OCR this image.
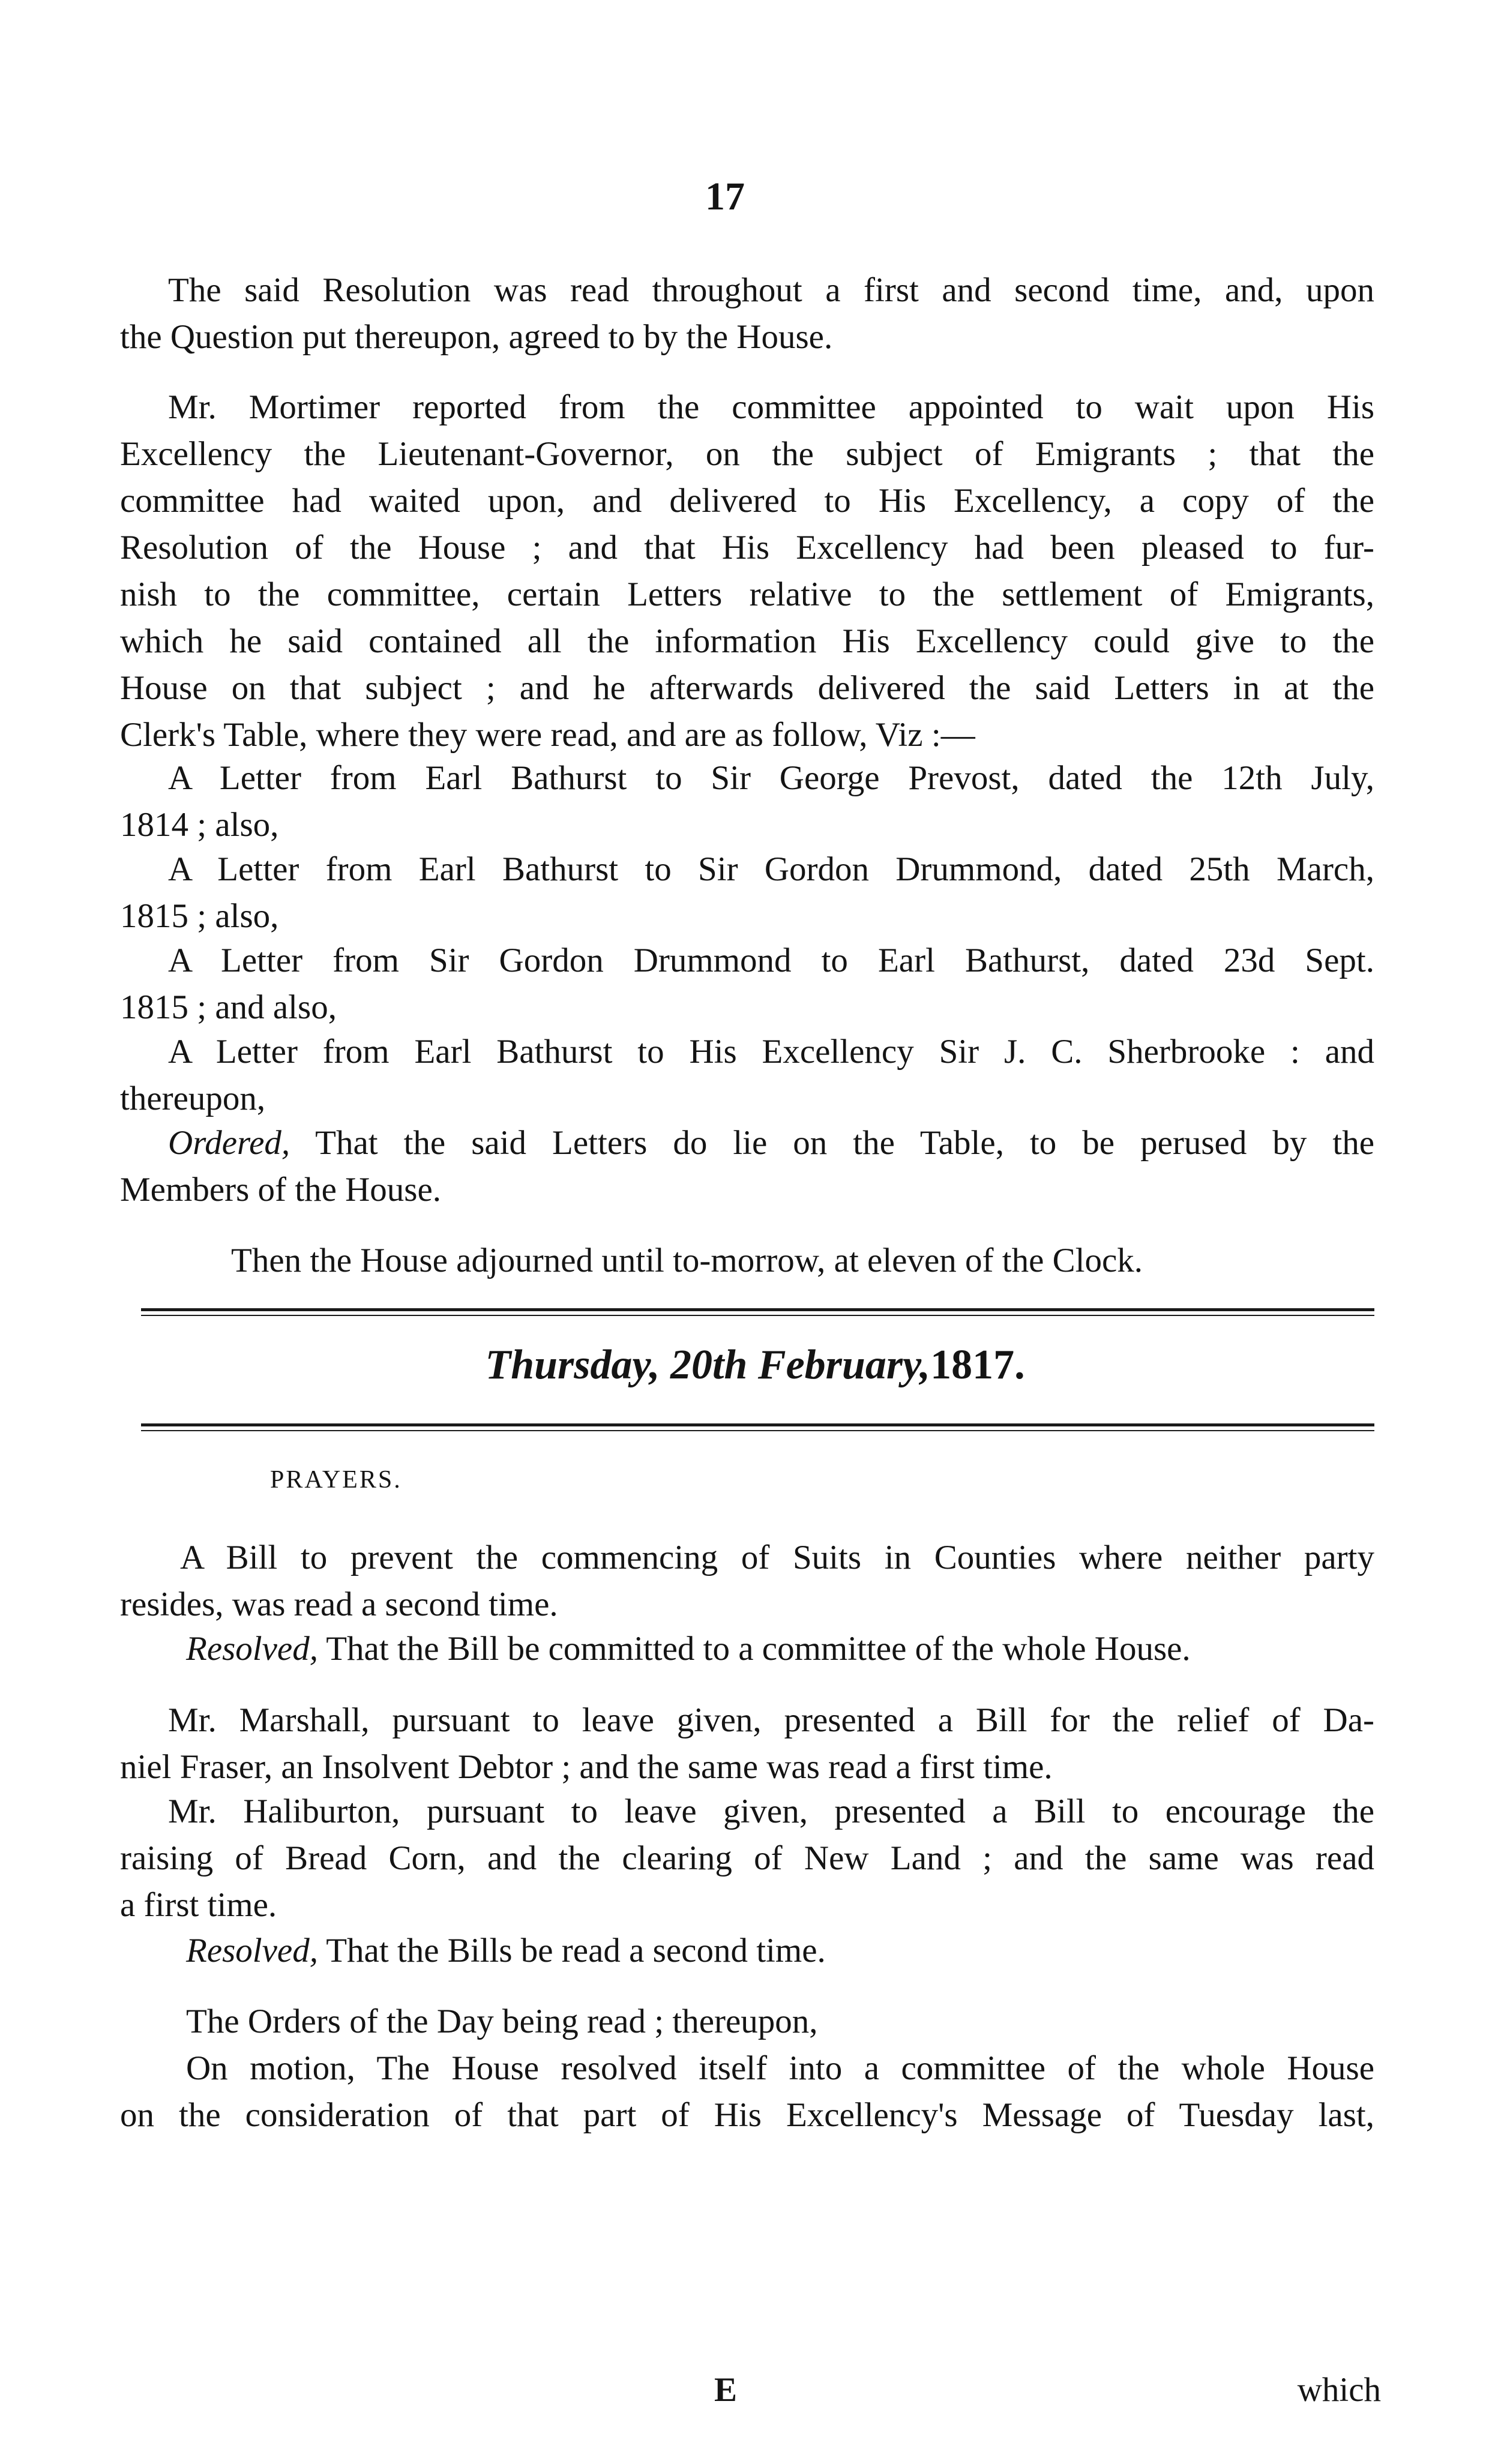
17
The said Resolution was read throughout a first and second time, and, upon
the Question put thereupon, agreed to by the House.
Mr. Mortimer reported from the committee appointed to wait upon His
Excellency the Lieutenant-Governor, on the subject of Emigrants ; that the
committee had waited upon, and delivered to His Excellency, a copy of the
Resolution of the House ; and that His Excellency had been pleased to fur-
nish to the committee, certain Letters relative to the settlement of Emigrants,
which he said contained all the information His Excellency could give to the
House on that subject ; and he afterwards delivered the said Letters in at the
Clerk's Table, where they were read, and are as follow, Viz :—
A Letter from Earl Bathurst to Sir George Prevost, dated the 12th July,
1814 ; also,
A Letter from Earl Bathurst to Sir Gordon Drummond, dated 25th March,
1815 ; also,
A Letter from Sir Gordon Drummond to Earl Bathurst, dated 23d Sept.
1815 ; and also,
A Letter from Earl Bathurst to His Excellency Sir J. C. Sherbrooke : and
thereupon,
Ordered, That the said Letters do lie on the Table, to be perused by the
Members of the House.
Then the House adjourned until to-morrow, at eleven of the Clock.
Thursday, 20th February,1817.
PRAYERS.
A Bill to prevent the commencing of Suits in Counties where neither party
resides, was read a second time.
Resolved, That the Bill be committed to a committee of the whole House.
Mr. Marshall, pursuant to leave given, presented a Bill for the relief of Da-
niel Fraser, an Insolvent Debtor ; and the same was read a first time.
Mr. Haliburton, pursuant to leave given, presented a Bill to encourage the
raising of Bread Corn, and the clearing of New Land ; and the same was read
a first time.
Resolved, That the Bills be read a second time.
The Orders of the Day being read ; thereupon,
On motion, The House resolved itself into a committee of the whole House
on the consideration of that part of His Excellency's Message of Tuesday last,
E	which
